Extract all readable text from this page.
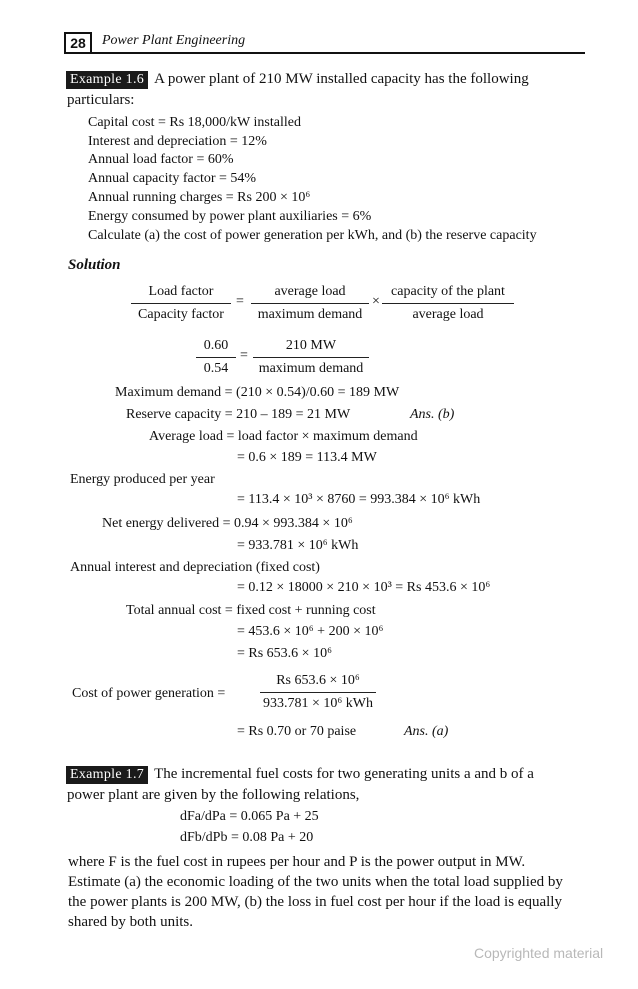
28	Power Plant Engineering
Example 1.6 A power plant of 210 MW installed capacity has the following
particulars:
Capital cost = Rs 18,000/kW installed
Interest and depreciation = 12%
Annual load factor = 60%
Annual capacity factor = 54%
Annual running charges = Rs 200 × 10⁶
Energy consumed by power plant auxiliaries = 6%
Calculate (a) the cost of power generation per kWh, and (b) the reserve capacity
Solution
Load factor
Capacity factor
=
average load
maximum demand
×
capacity of the plant
average load
0.60
0.54
=
210 MW
maximum demand
Maximum demand = (210 × 0.54)/0.60 = 189 MW
Reserve capacity = 210 – 189 = 21 MW	Ans. (b)
Average load = load factor × maximum demand
= 0.6 × 189 = 113.4 MW
Energy produced per year
= 113.4 × 10³ × 8760 = 993.384 × 10⁶ kWh
Net energy delivered = 0.94 × 993.384 × 10⁶
= 933.781 × 10⁶ kWh
Annual interest and depreciation (fixed cost)
= 0.12 × 18000 × 210 × 10³ = Rs 453.6 × 10⁶
Total annual cost = fixed cost + running cost
= 453.6 × 10⁶ + 200 × 10⁶
= Rs 653.6 × 10⁶
Cost of power generation =
Rs 653.6 × 10⁶
933.781 × 10⁶ kWh
= Rs 0.70 or 70 paise	Ans. (a)
Example 1.7 The incremental fuel costs for two generating units a and b of a
power plant are given by the following relations,
dFa/dPa = 0.065 Pa + 25
dFb/dPb = 0.08 Pa + 20
where F is the fuel cost in rupees per hour and P is the power output in MW.
Estimate (a) the economic loading of the two units when the total load supplied by
the power plants is 200 MW, (b) the loss in fuel cost per hour if the load is equally
shared by both units.
Copyrighted material
